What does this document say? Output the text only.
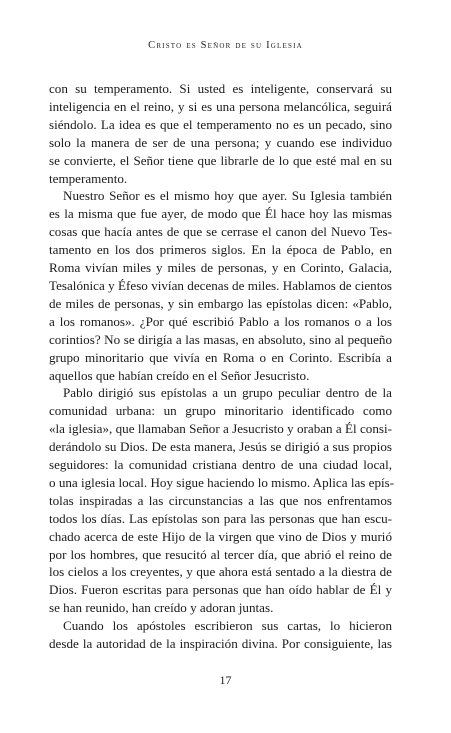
Cristo es Señor de su Iglesia
con su temperamento. Si usted es inteligente, conservará su
inteligencia en el reino, y si es una persona melancólica, seguirá
siéndolo. La idea es que el temperamento no es un pecado, sino
solo la manera de ser de una persona; y cuando ese individuo
se convierte, el Señor tiene que librarle de lo que esté mal en su
temperamento.
Nuestro Señor es el mismo hoy que ayer. Su Iglesia también
es la misma que fue ayer, de modo que Él hace hoy las mismas
cosas que hacía antes de que se cerrase el canon del Nuevo Tes-
tamento en los dos primeros siglos. En la época de Pablo, en
Roma vivían miles y miles de personas, y en Corinto, Galacia,
Tesalónica y Éfeso vivían decenas de miles. Hablamos de cientos
de miles de personas, y sin embargo las epístolas dicen: «Pablo,
a los romanos». ¿Por qué escribió Pablo a los romanos o a los
corintios? No se dirigía a las masas, en absoluto, sino al pequeño
grupo minoritario que vivía en Roma o en Corinto. Escribía a
aquellos que habían creído en el Señor Jesucristo.
Pablo dirigió sus epístolas a un grupo peculiar dentro de la
comunidad urbana: un grupo minoritario identificado como
«la iglesia», que llamaban Señor a Jesucristo y oraban a Él consi-
derándolo su Dios. De esta manera, Jesús se dirigió a sus propios
seguidores: la comunidad cristiana dentro de una ciudad local,
o una iglesia local. Hoy sigue haciendo lo mismo. Aplica las epís-
tolas inspiradas a las circunstancias a las que nos enfrentamos
todos los días. Las epístolas son para las personas que han escu-
chado acerca de este Hijo de la virgen que vino de Dios y murió
por los hombres, que resucitó al tercer día, que abrió el reino de
los cielos a los creyentes, y que ahora está sentado a la diestra de
Dios. Fueron escritas para personas que han oído hablar de Él y
se han reunido, han creído y adoran juntas.
Cuando los apóstoles escribieron sus cartas, lo hicieron
desde la autoridad de la inspiración divina. Por consiguiente, las
17
